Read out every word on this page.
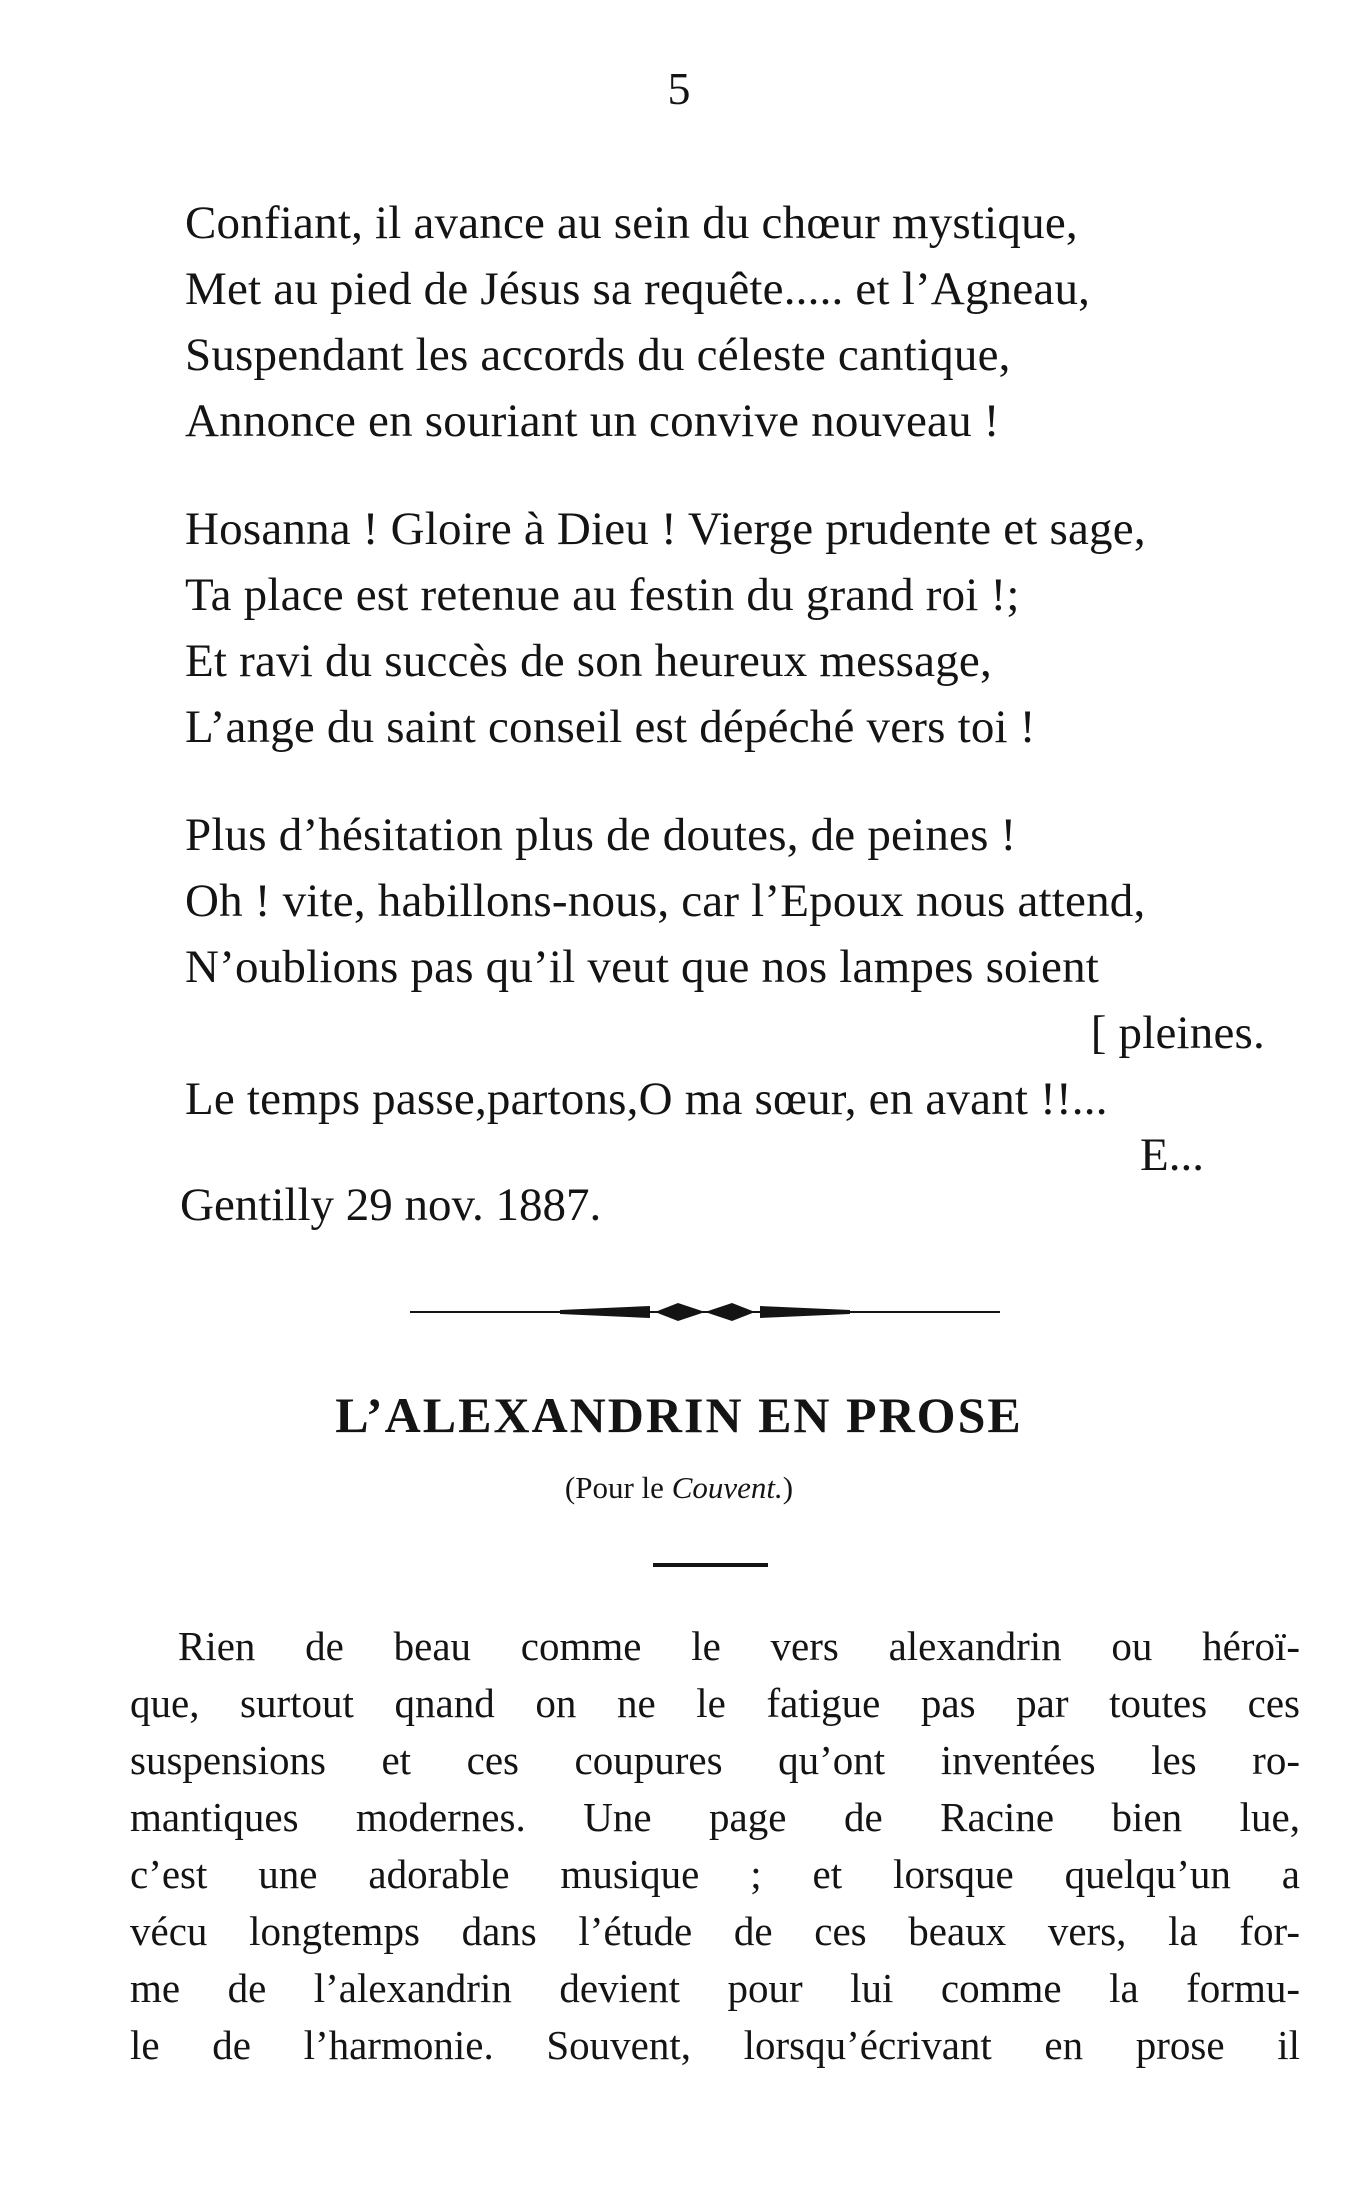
5
Confiant, il avance au sein du chœur mystique,
Met au pied de Jésus sa requête..... et l’Agneau,
Suspendant les accords du céleste cantique,
Annonce en souriant un convive nouveau !
Hosanna ! Gloire à Dieu ! Vierge prudente et sage,
Ta place est retenue au festin du grand roi !;
Et ravi du succès de son heureux message,
L’ange du saint conseil est dépéché vers toi !
Plus d’hésitation plus de doutes, de peines !
Oh ! vite, habillons-nous, car l’Epoux nous attend,
N’oublions pas qu’il veut que nos lampes soient
[ pleines.
Le temps passe,partons,O ma sœur, en avant !!...
E...
Gentilly 29 nov. 1887.
L’ALEXANDRIN EN PROSE
(Pour le Couvent.)
Rien de beau comme le vers alexandrin ou héroï-
que, surtout qnand on ne le fatigue pas par toutes ces
suspensions et ces coupures qu’ont inventées les ro-
mantiques modernes. Une page de Racine bien lue,
c’est une adorable musique ; et lorsque quelqu’un a
vécu longtemps dans l’étude de ces beaux vers, la for-
me de l’alexandrin devient pour lui comme la formu-
le de l’harmonie. Souvent, lorsqu’écrivant en prose il
